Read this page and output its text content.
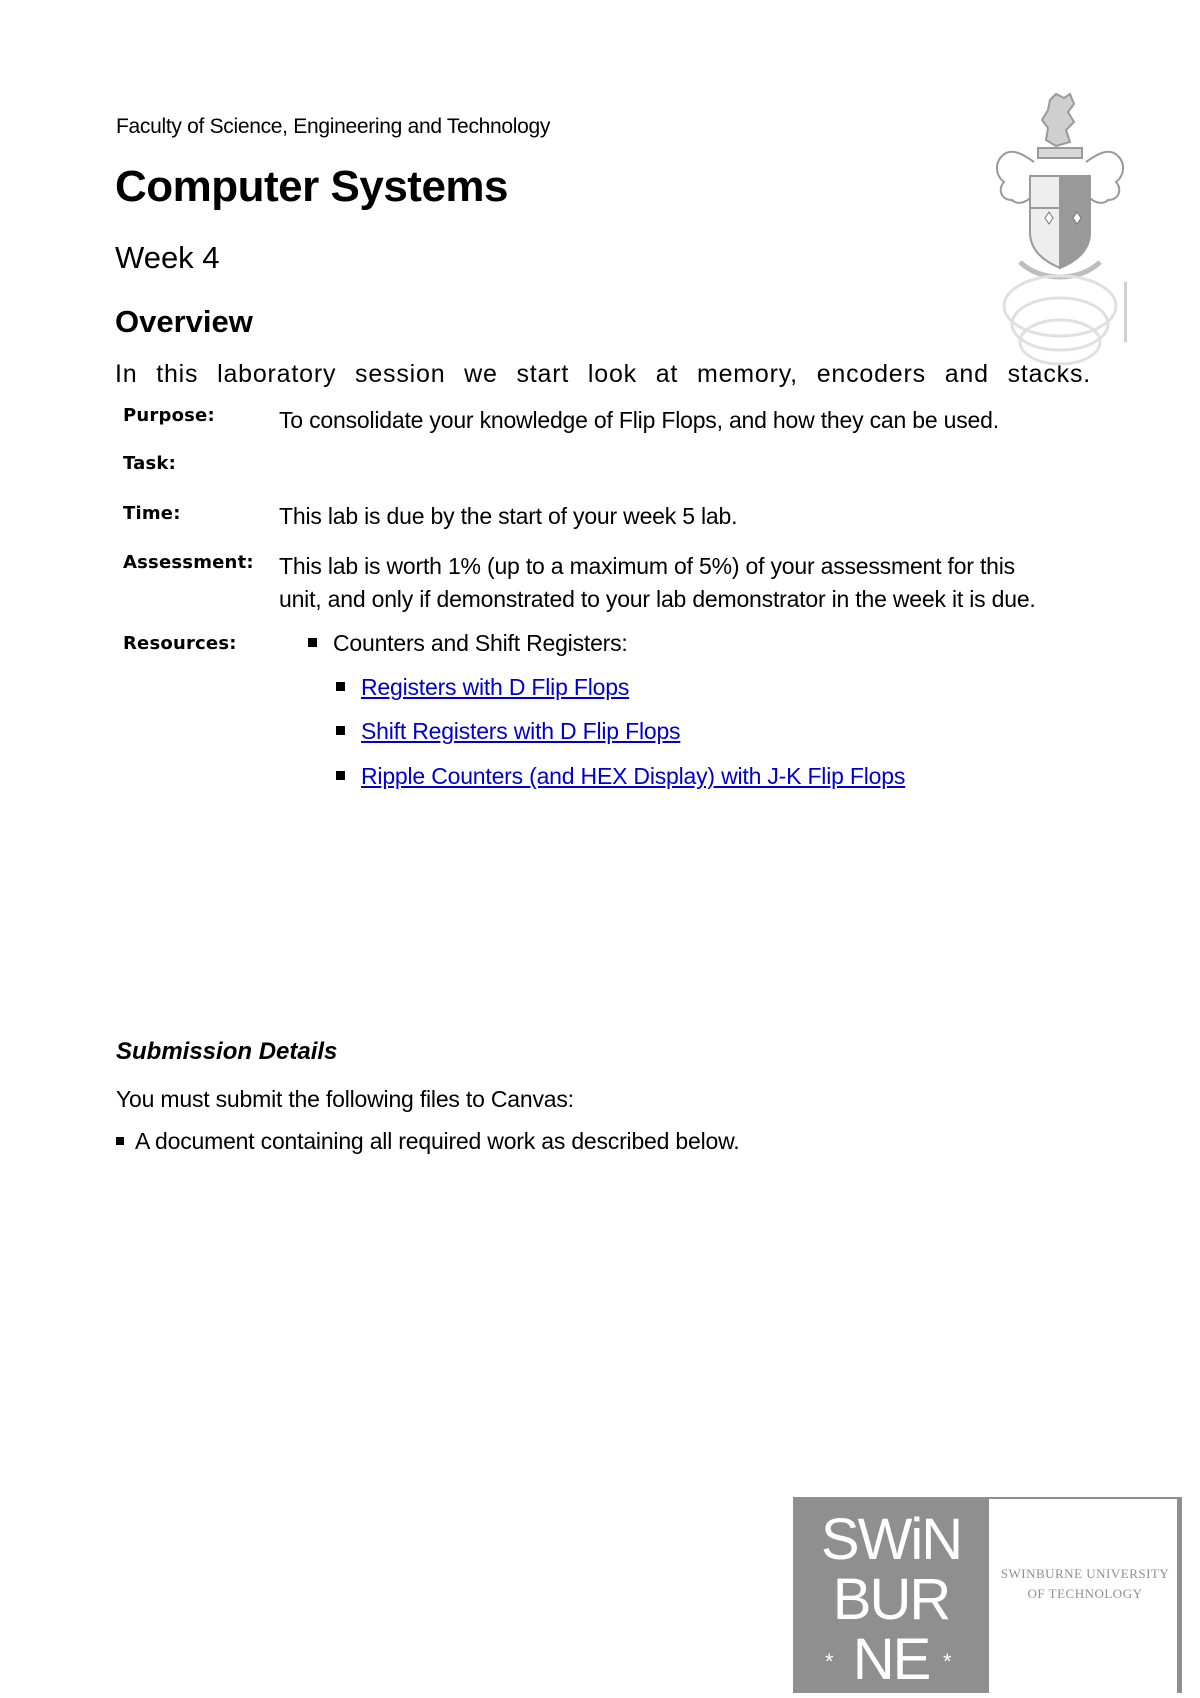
Faculty of Science, Engineering and Technology
Computer Systems
Week 4
Overview
In this laboratory session we start look at memory, encoders and stacks.
Purpose:	To consolidate your knowledge of Flip Flops, and how they can be used.
Task:
Time:	This lab is due by the start of your week 5 lab.
Assessment: This lab is worth 1% (up to a maximum of 5%) of your assessment for this
unit, and only if demonstrated to your lab demonstrator in the week it is due.
Resources:	Counters and Shift Registers:
Registers with D Flip Flops
Shift Registers with D Flip Flops
Ripple Counters (and HEX Display) with J-K Flip Flops
Submission Details
You must submit the following files to Canvas:
A document containing all required work as described below.
SWiN
BUR
NE
*	*
SWINBURNE UNIVERSITY
OF TECHNOLOGY
